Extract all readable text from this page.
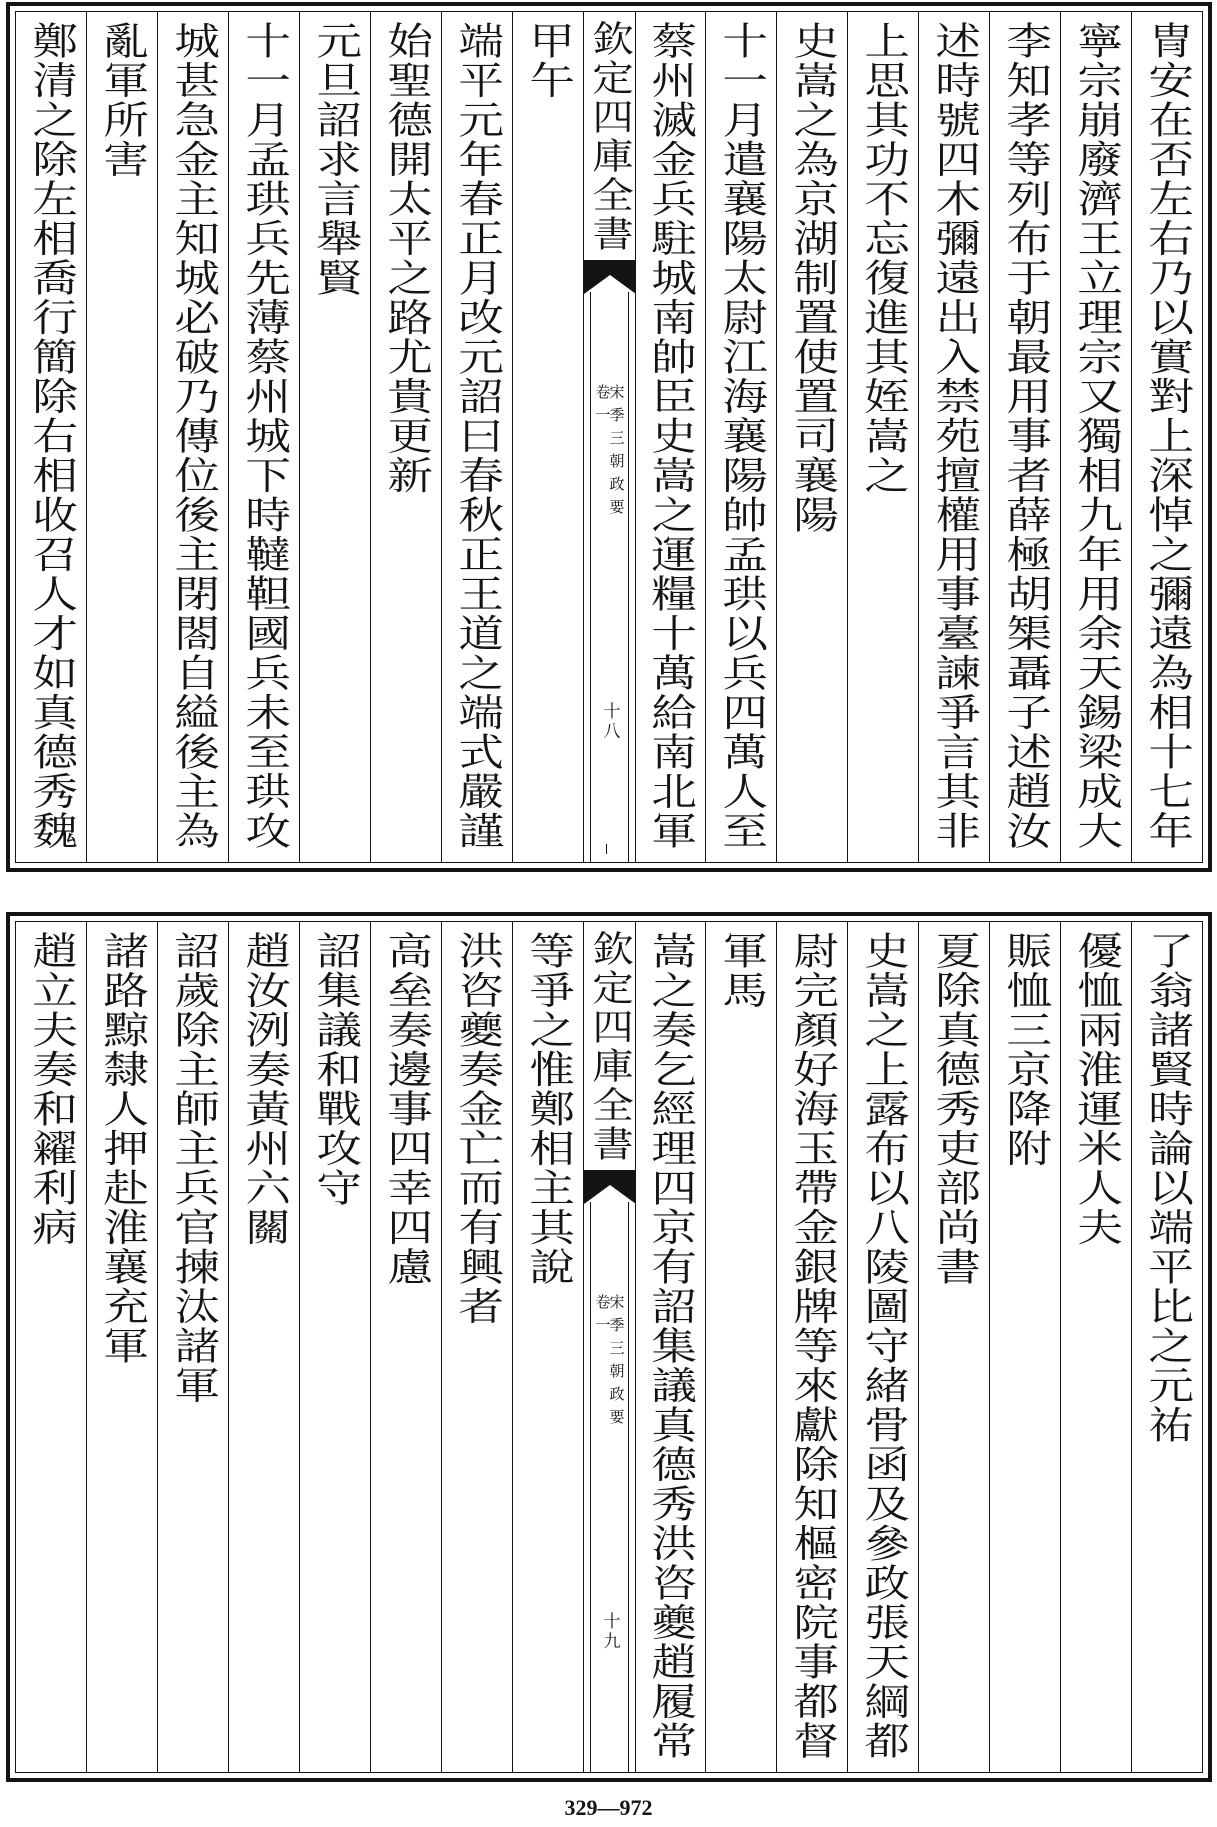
冑安在否左右乃以實對上深悼之彌遠為相十七年
寧宗崩廢濟王立理宗又獨相九年用余天錫梁成大
李知孝等列布于朝最用事者薛極胡榘聶子述趙汝
述時號四木彌遠出入禁苑擅權用事臺諫爭言其非
上思其功不忘復進其姪嵩之
史嵩之為京湖制置使置司襄陽
十一月遣襄陽太尉江海襄陽帥孟珙以兵四萬人至
蔡州滅金兵駐城南帥臣史嵩之運糧十萬給南北軍
欽定四庫全書
宋季三朝政要
卷一
十八
甲午
端平元年春正月改元詔曰春秋正王道之端式嚴謹
始聖德開太平之路尤貴更新
元旦詔求言舉賢
十一月孟珙兵先薄蔡州城下時韃靼國兵未至珙攻
城甚急金主知城必破乃傳位後主閉閤自縊後主為
亂軍所害
鄭清之除左相喬行簡除右相收召人才如真德秀魏
了翁諸賢時論以端平比之元祐
優恤兩淮運米人夫
賑恤三京降附
夏除真德秀吏部尚書
史嵩之上露布以八陵圖守緒骨函及參政張天綱都
尉完顏好海玉帶金銀牌等來獻除知樞密院事都督
軍馬
嵩之奏乞經理四京有詔集議真德秀洪咨夔趙履常
欽定四庫全書
宋季三朝政要
卷一
十九
等爭之惟鄭相主其說
洪咨夔奏金亡而有興者
高垒奏邊事四幸四慮
詔集議和戰攻守
趙汝洌奏黃州六關
詔歲除主師主兵官揀汰諸軍
諸路黥隸人押赴淮襄充軍
趙立夫奏和糴利病
329—972
